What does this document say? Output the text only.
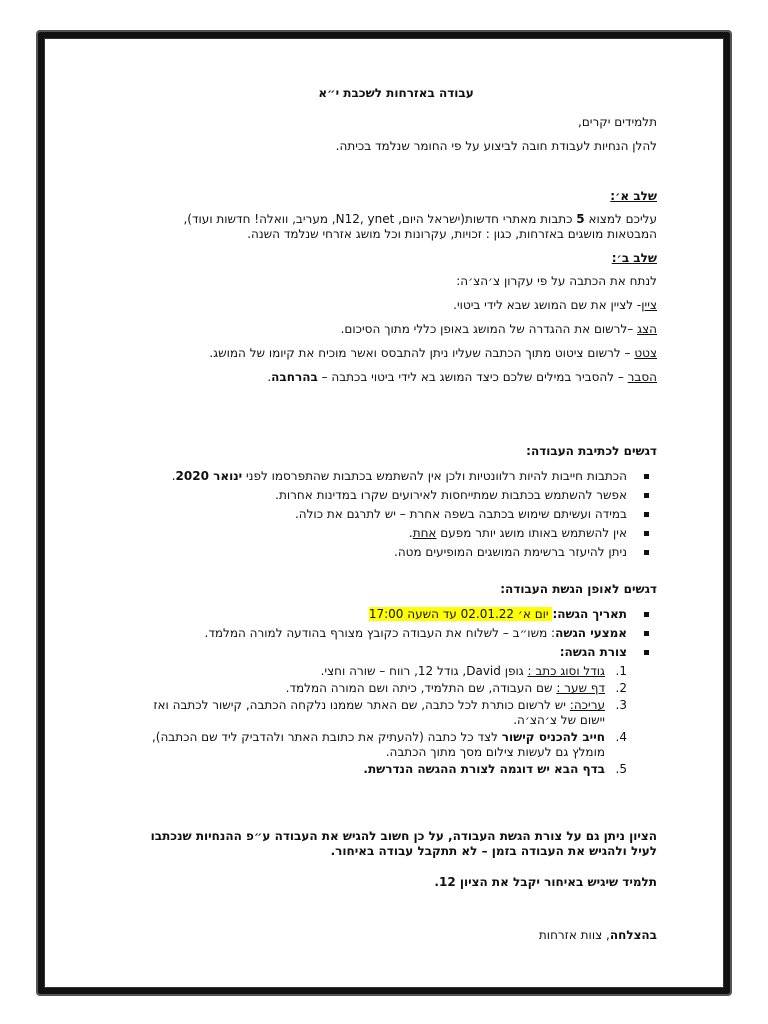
עבודה באזרחות לשכבת י״א

תלמידים יקרים,

להלן הנחיות לעבודת חובה לביצוע על פי החומר שנלמד בכיתה.

שלב א׳:

עליכם למצוא 5 כתבות מאתרי חדשות(ישראל היום, N12, ynet, מעריב, וואלה! חדשות ועוד), המבטאות מושגים באזרחות, כגון : זכויות, עקרונות וכל מושג אזרחי שנלמד השנה.

שלב ב׳:

לנתח את הכתבה על פי עקרון צ׳הצ׳ה:

ציין- לציין את שם המושג שבא לידי ביטוי.

הצג –לרשום את ההגדרה של המושג באופן כללי מתוך הסיכום.

צטט – לרשום ציטוט מתוך הכתבה שעליו ניתן להתבסס ואשר מוכיח את קיומו של המושג.

הסבר – להסביר במילים שלכם כיצד המושג בא לידי ביטוי בכתבה – בהרחבה.

דגשים לכתיבת העבודה:
הכתבות חייבות להיות רלוונטיות ולכן אין להשתמש בכתבות שהתפרסמו לפני ינואר 2020.
אפשר להשתמש בכתבות שמתייחסות לאירועים שקרו במדינות אחרות.
במידה ועשיתם שימוש בכתבה בשפה אחרת – יש לתרגם את כולה.
אין להשתמש באותו מושג יותר מפעם אחת.
ניתן להיעזר ברשימת המושגים המופיעים מטה.
דגשים לאופן הגשת העבודה:
תאריך הגשה: יום א׳ 02.01.22 עד השעה 17:00
אמצעי הגשה: משו״ב – לשלוח את העבודה כקובץ מצורף בהודעה למורה המלמד.
צורת הגשה:
1.
גודל וסוג כתב : גופן David, גודל 12, רווח – שורה וחצי.
2.
דף שער : שם העבודה, שם התלמיד, כיתה ושם המורה המלמד.
3.
עריכה: יש לרשום כותרת לכל כתבה, שם האתר שממנו נלקחה הכתבה, קישור לכתבה ואז יישום של צ׳הצ׳ה.
4.
חייב להכניס קישור לצד כל כתבה (להעתיק את כתובת האתר ולהדביק ליד שם הכתבה), מומלץ גם לעשות צילום מסך מתוך הכתבה.
5.
בדף הבא יש דוגמה לצורת ההגשה הנדרשת.

הציון ניתן גם על צורת הגשת העבודה, על כן חשוב להגיש את העבודה ע״פ ההנחיות שנכתבו לעיל ולהגיש את העבודה בזמן – לא תתקבל עבודה באיחור.

תלמיד שיגיש באיחור יקבל את הציון 12.

בהצלחה, צוות אזרחות
